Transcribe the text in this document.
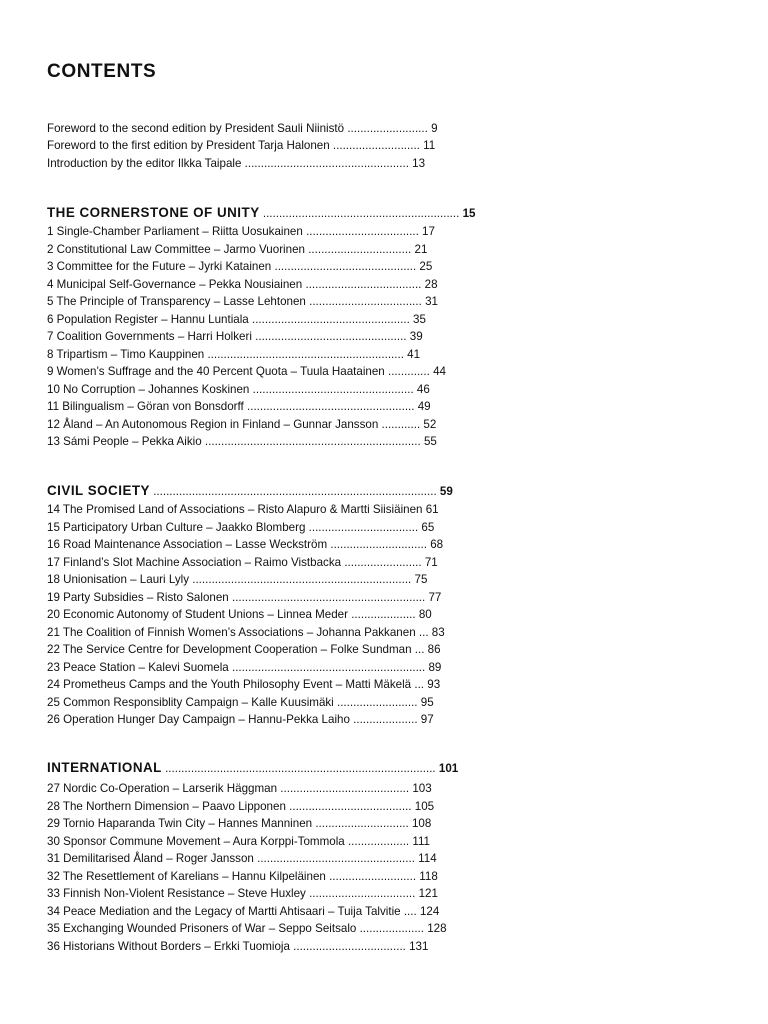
CONTENTS

Foreword to the second edition by President Sauli Niinistö ......................... 9

Foreword to the first edition by President Tarja Halonen ........................... 11

Introduction by the editor Ilkka Taipale ................................................... 13

THE CORNERSTONE OF UNITY ............................................................. 15

1 Single-Chamber Parliament – Riitta Uosukainen ................................... 17

2 Constitutional Law Committee – Jarmo Vuorinen ................................ 21

3 Committee for the Future – Jyrki Katainen ............................................ 25

4 Municipal Self-Governance – Pekka Nousiainen .................................... 28

5 The Principle of Transparency – Lasse Lehtonen ................................... 31

6 Population Register – Hannu Luntiala ................................................. 35

7 Coalition Governments – Harri Holkeri ............................................... 39

8 Tripartism – Timo Kauppinen ............................................................. 41

9 Women’s Suffrage and the 40 Percent Quota – Tuula Haatainen ............. 44

10 No Corruption – Johannes Koskinen .................................................. 46

11 Bilingualism – Göran von Bonsdorff .................................................... 49

12 Åland – An Autonomous Region in Finland – Gunnar Jansson ............ 52

13 Sámi People – Pekka Aikio ................................................................... 55

CIVIL SOCIETY ........................................................................................ 59

14 The Promised Land of Associations – Risto Alapuro & Martti Siisiäinen 61

15 Participatory Urban Culture – Jaakko Blomberg .................................. 65

16 Road Maintenance Association – Lasse Weckström .............................. 68

17 Finland’s Slot Machine Association – Raimo Vistbacka ........................ 71

18 Unionisation – Lauri Lyly .................................................................... 75

19 Party Subsidies – Risto Salonen ............................................................ 77

20 Economic Autonomy of Student Unions – Linnea Meder .................... 80

21 The Coalition of Finnish Women’s Associations – Johanna Pakkanen ... 83

22 The Service Centre for Development Cooperation – Folke Sundman ... 86

23 Peace Station – Kalevi Suomela ............................................................ 89

24 Prometheus Camps and the Youth Philosophy Event – Matti Mäkelä ... 93

25 Common Responsiblity Campaign – Kalle Kuusimäki ......................... 95

26 Operation Hunger Day Campaign – Hannu-Pekka Laiho .................... 97

INTERNATIONAL .................................................................................... 101

27 Nordic Co-Operation – Larserik Häggman ........................................ 103

28 The Northern Dimension – Paavo Lipponen ...................................... 105

29 Tornio Haparanda Twin City – Hannes Manninen ............................. 108

30 Sponsor Commune Movement – Aura Korppi-Tommola ................... 111

31 Demilitarised Åland – Roger Jansson ................................................. 114

32 The Resettlement of Karelians – Hannu Kilpeläinen ........................... 118

33 Finnish Non-Violent Resistance – Steve Huxley ................................. 121

34 Peace Mediation and the Legacy of Martti Ahtisaari – Tuija Talvitie .... 124

35 Exchanging Wounded Prisoners of War – Seppo Seitsalo .................... 128

36 Historians Without Borders – Erkki Tuomioja ................................... 131
